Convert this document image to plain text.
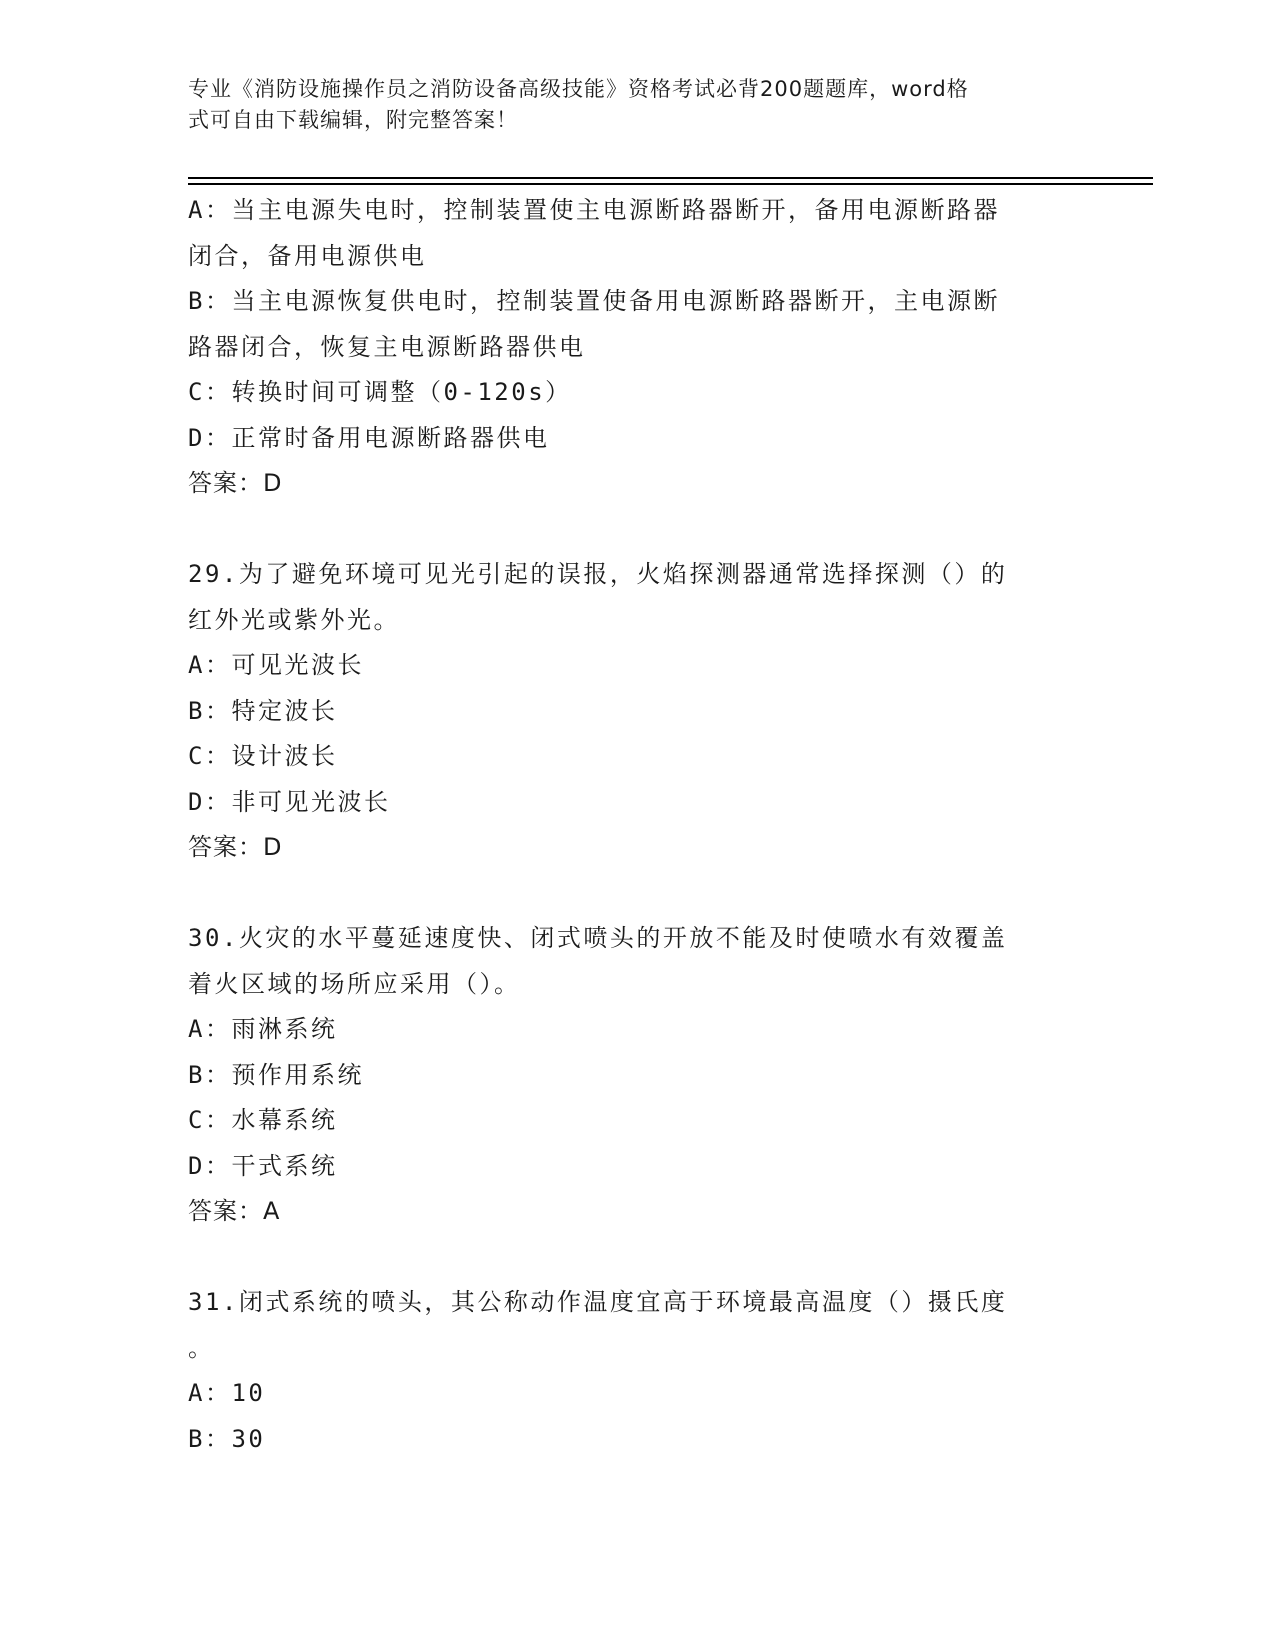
专业《消防设施操作员之消防设备高级技能》资格考试必背200题题库，word格
式可自由下载编辑，附完整答案！
A：当主电源失电时，控制装置使主电源断路器断开，备用电源断路器
闭合，备用电源供电
B：当主电源恢复供电时，控制装置使备用电源断路器断开，主电源断
路器闭合，恢复主电源断路器供电
C：转换时间可调整（0-120s）
D：正常时备用电源断路器供电
答案：D
29.为了避免环境可见光引起的误报，火焰探测器通常选择探测（）的
红外光或紫外光。
A：可见光波长
B：特定波长
C：设计波长
D：非可见光波长
答案：D
30.火灾的水平蔓延速度快、闭式喷头的开放不能及时使喷水有效覆盖
着火区域的场所应采用（）。
A：雨淋系统
B：预作用系统
C：水幕系统
D：干式系统
答案：A
31.闭式系统的喷头，其公称动作温度宜高于环境最高温度（）摄氏度
。
A：10
B：30
